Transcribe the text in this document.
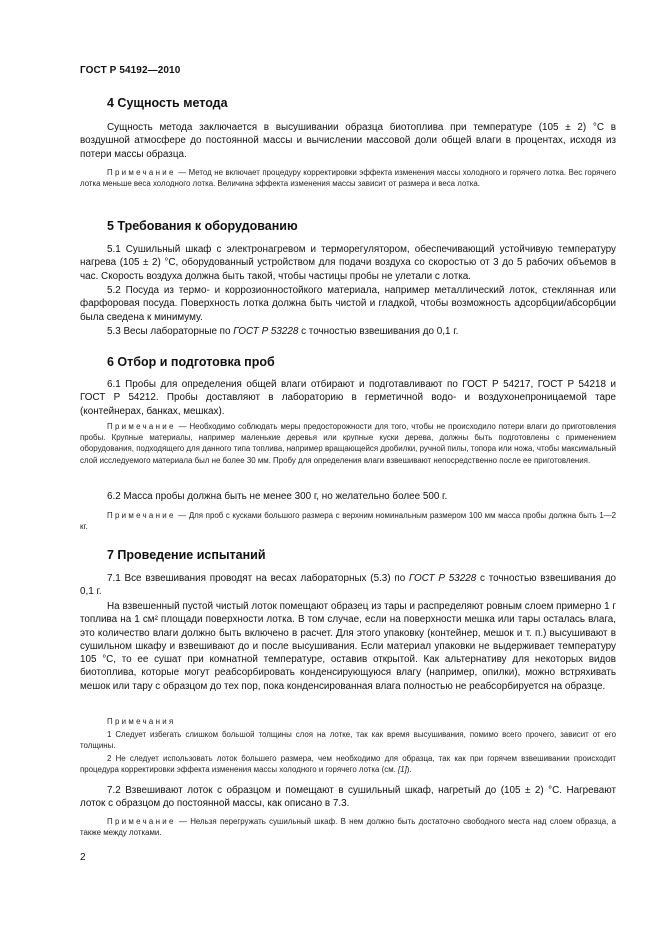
ГОСТ Р 54192—2010
4 Сущность метода

Сущность метода заключается в высушивании образца биотоплива при температуре (105 ± 2) °С в воздушной атмосфере до постоянной массы и вычислении массовой доли общей влаги в процентах, исходя из потери массы образца.

Примечание — Метод не включает процедуру корректировки эффекта изменения массы холодного и горячего лотка. Вес горячего лотка меньше веса холодного лотка. Величина эффекта изменения массы зависит от размера и веса лотка.

5 Требования к оборудованию

5.1 Сушильный шкаф с электронагревом и терморегулятором, обеспечивающий устойчивую температуру нагрева (105 ± 2) °С, оборудованный устройством для подачи воздуха со скоростью от 3 до 5 рабочих объемов в час. Скорость воздуха должна быть такой, чтобы частицы пробы не улетали с лотка.

5.2 Посуда из термо- и коррозионностойкого материала, например металлический лоток, стеклянная или фарфоровая посуда. Поверхность лотка должна быть чистой и гладкой, чтобы возможность адсорбции/абсорбции была сведена к минимуму.

5.3 Весы лабораторные по ГОСТ Р 53228 с точностью взвешивания до 0,1 г.

6 Отбор и подготовка проб

6.1 Пробы для определения общей влаги отбирают и подготавливают по ГОСТ Р 54217, ГОСТ Р 54218 и ГОСТ Р 54212. Пробы доставляют в лабораторию в герметичной водо- и воздухонепроницаемой таре (контейнерах, банках, мешках).

Примечание — Необходимо соблюдать меры предосторожности для того, чтобы не происходило потери влаги до приготовления пробы. Крупные материалы, например маленькие деревья или крупные куски дерева, должны быть подготовлены с применением оборудования, подходящего для данного типа топлива, например вращающейся дробилки, ручной пилы, топора или ножа, чтобы максимальный слой исследуемого материала был не более 30 мм. Пробу для определения влаги взвешивают непосредственно после ее приготовления.

6.2 Масса пробы должна быть не менее 300 г, но желательно более 500 г.

Примечание — Для проб с кусками большого размера с верхним номинальным размером 100 мм масса пробы должна быть 1—2 кг.

7 Проведение испытаний

7.1 Все взвешивания проводят на весах лабораторных (5.3) по ГОСТ Р 53228 с точностью взвешивания до 0,1 г.

На взвешенный пустой чистый лоток помещают образец из тары и распределяют ровным слоем примерно 1 г топлива на 1 см² площади поверхности лотка. В том случае, если на поверхности мешка или тары осталась влага, это количество влаги должно быть включено в расчет. Для этого упаковку (контейнер, мешок и т. п.) высушивают в сушильном шкафу и взвешивают до и после высушивания. Если материал упаковки не выдерживает температуру 105 °С, то ее сушат при комнатной температуре, оставив открытой. Как альтернативу для некоторых видов биотоплива, которые могут реабсорбировать конденсирующуюся влагу (например, опилки), можно встряхивать мешок или тару с образцом до тех пор, пока конденсированная влага полностью не реабсорбируется на образце.

Примечания

1 Следует избегать слишком большой толщины слоя на лотке, так как время высушивания, помимо всего прочего, зависит от его толщины.

2 Не следует использовать лоток большего размера, чем необходимо для образца, так как при горячем взвешивании происходит процедура корректировки эффекта изменения массы холодного и горячего лотка (см. [1]).

7.2 Взвешивают лоток с образцом и помещают в сушильный шкаф, нагретый до (105 ± 2) °С. Нагревают лоток с образцом до постоянной массы, как описано в 7.3.

Примечание — Нельзя перегружать сушильный шкаф. В нем должно быть достаточно свободного места над слоем образца, а также между лотками.

2
